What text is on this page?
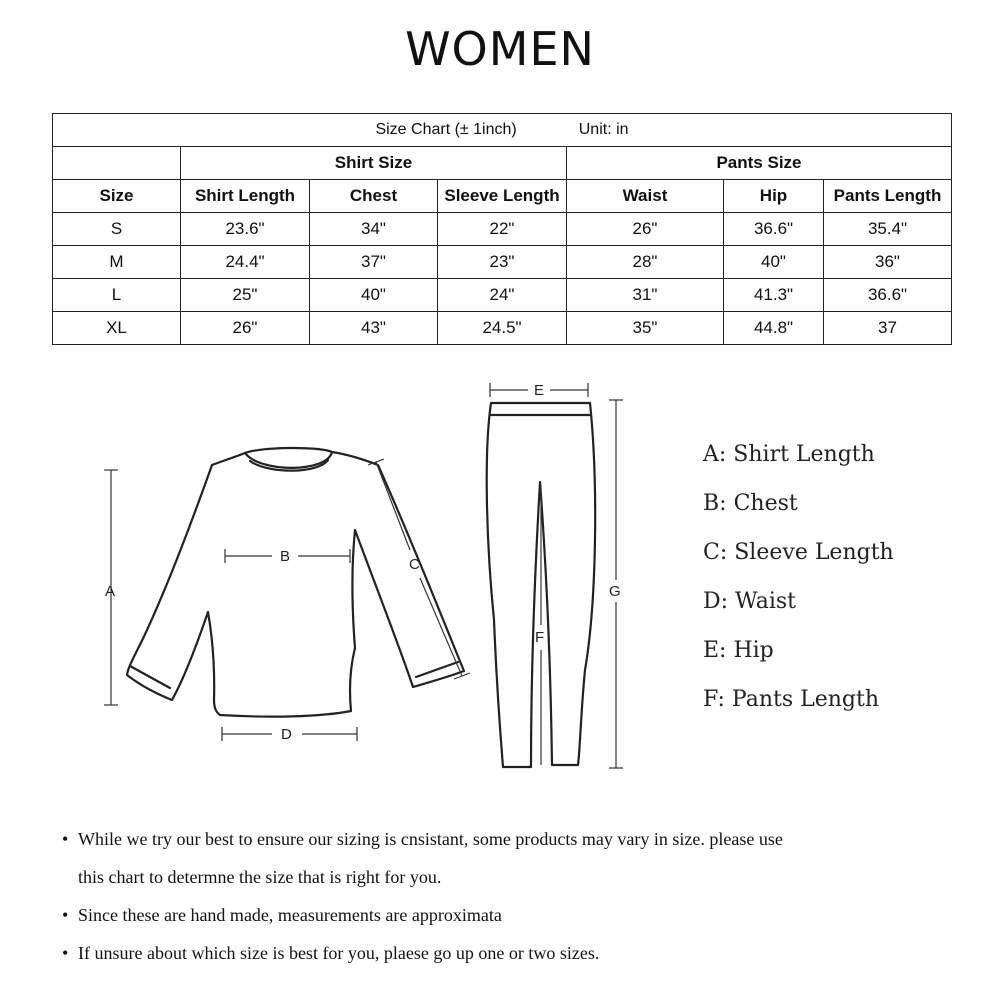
WOMEN
Size Chart (± 1inch) Unit: in						
	Shirt Size			Pants Size		
Size	Shirt Length	Chest	Sleeve Length	Waist	Hip	Pants Length
S	23.6"	34"	22"	26"	36.6"	35.4"
M	24.4"	37"	23"	28"	40"	36"
L	25"	40"	24"	31"	41.3"	36.6"
XL	26"	43"	24.5"	35"	44.8"	37
A
B	C
D
E
F
G
A: Shirt Length
B: Chest
C: Sleeve Length
D: Waist
E: Hip
F: Pants Length
• While we try our best to ensure our sizing is cnsistant, some products may vary in size. please use
this chart to determne the size that is right for you.
• Since these are hand made, measurements are approximata
• If unsure about which size is best for you, plaese go up one or two sizes.
